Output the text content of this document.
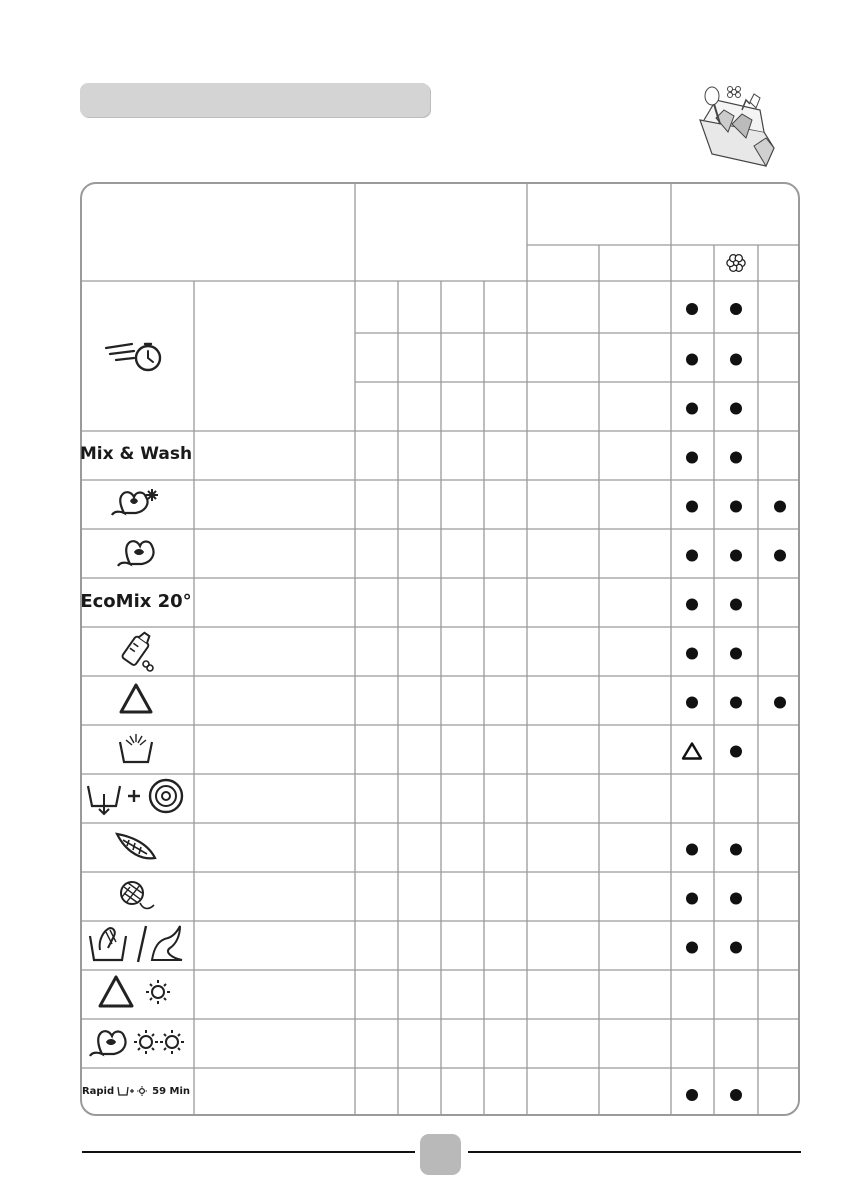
Mix & Wash
EcoMix 20°
Rapid	59 Min
